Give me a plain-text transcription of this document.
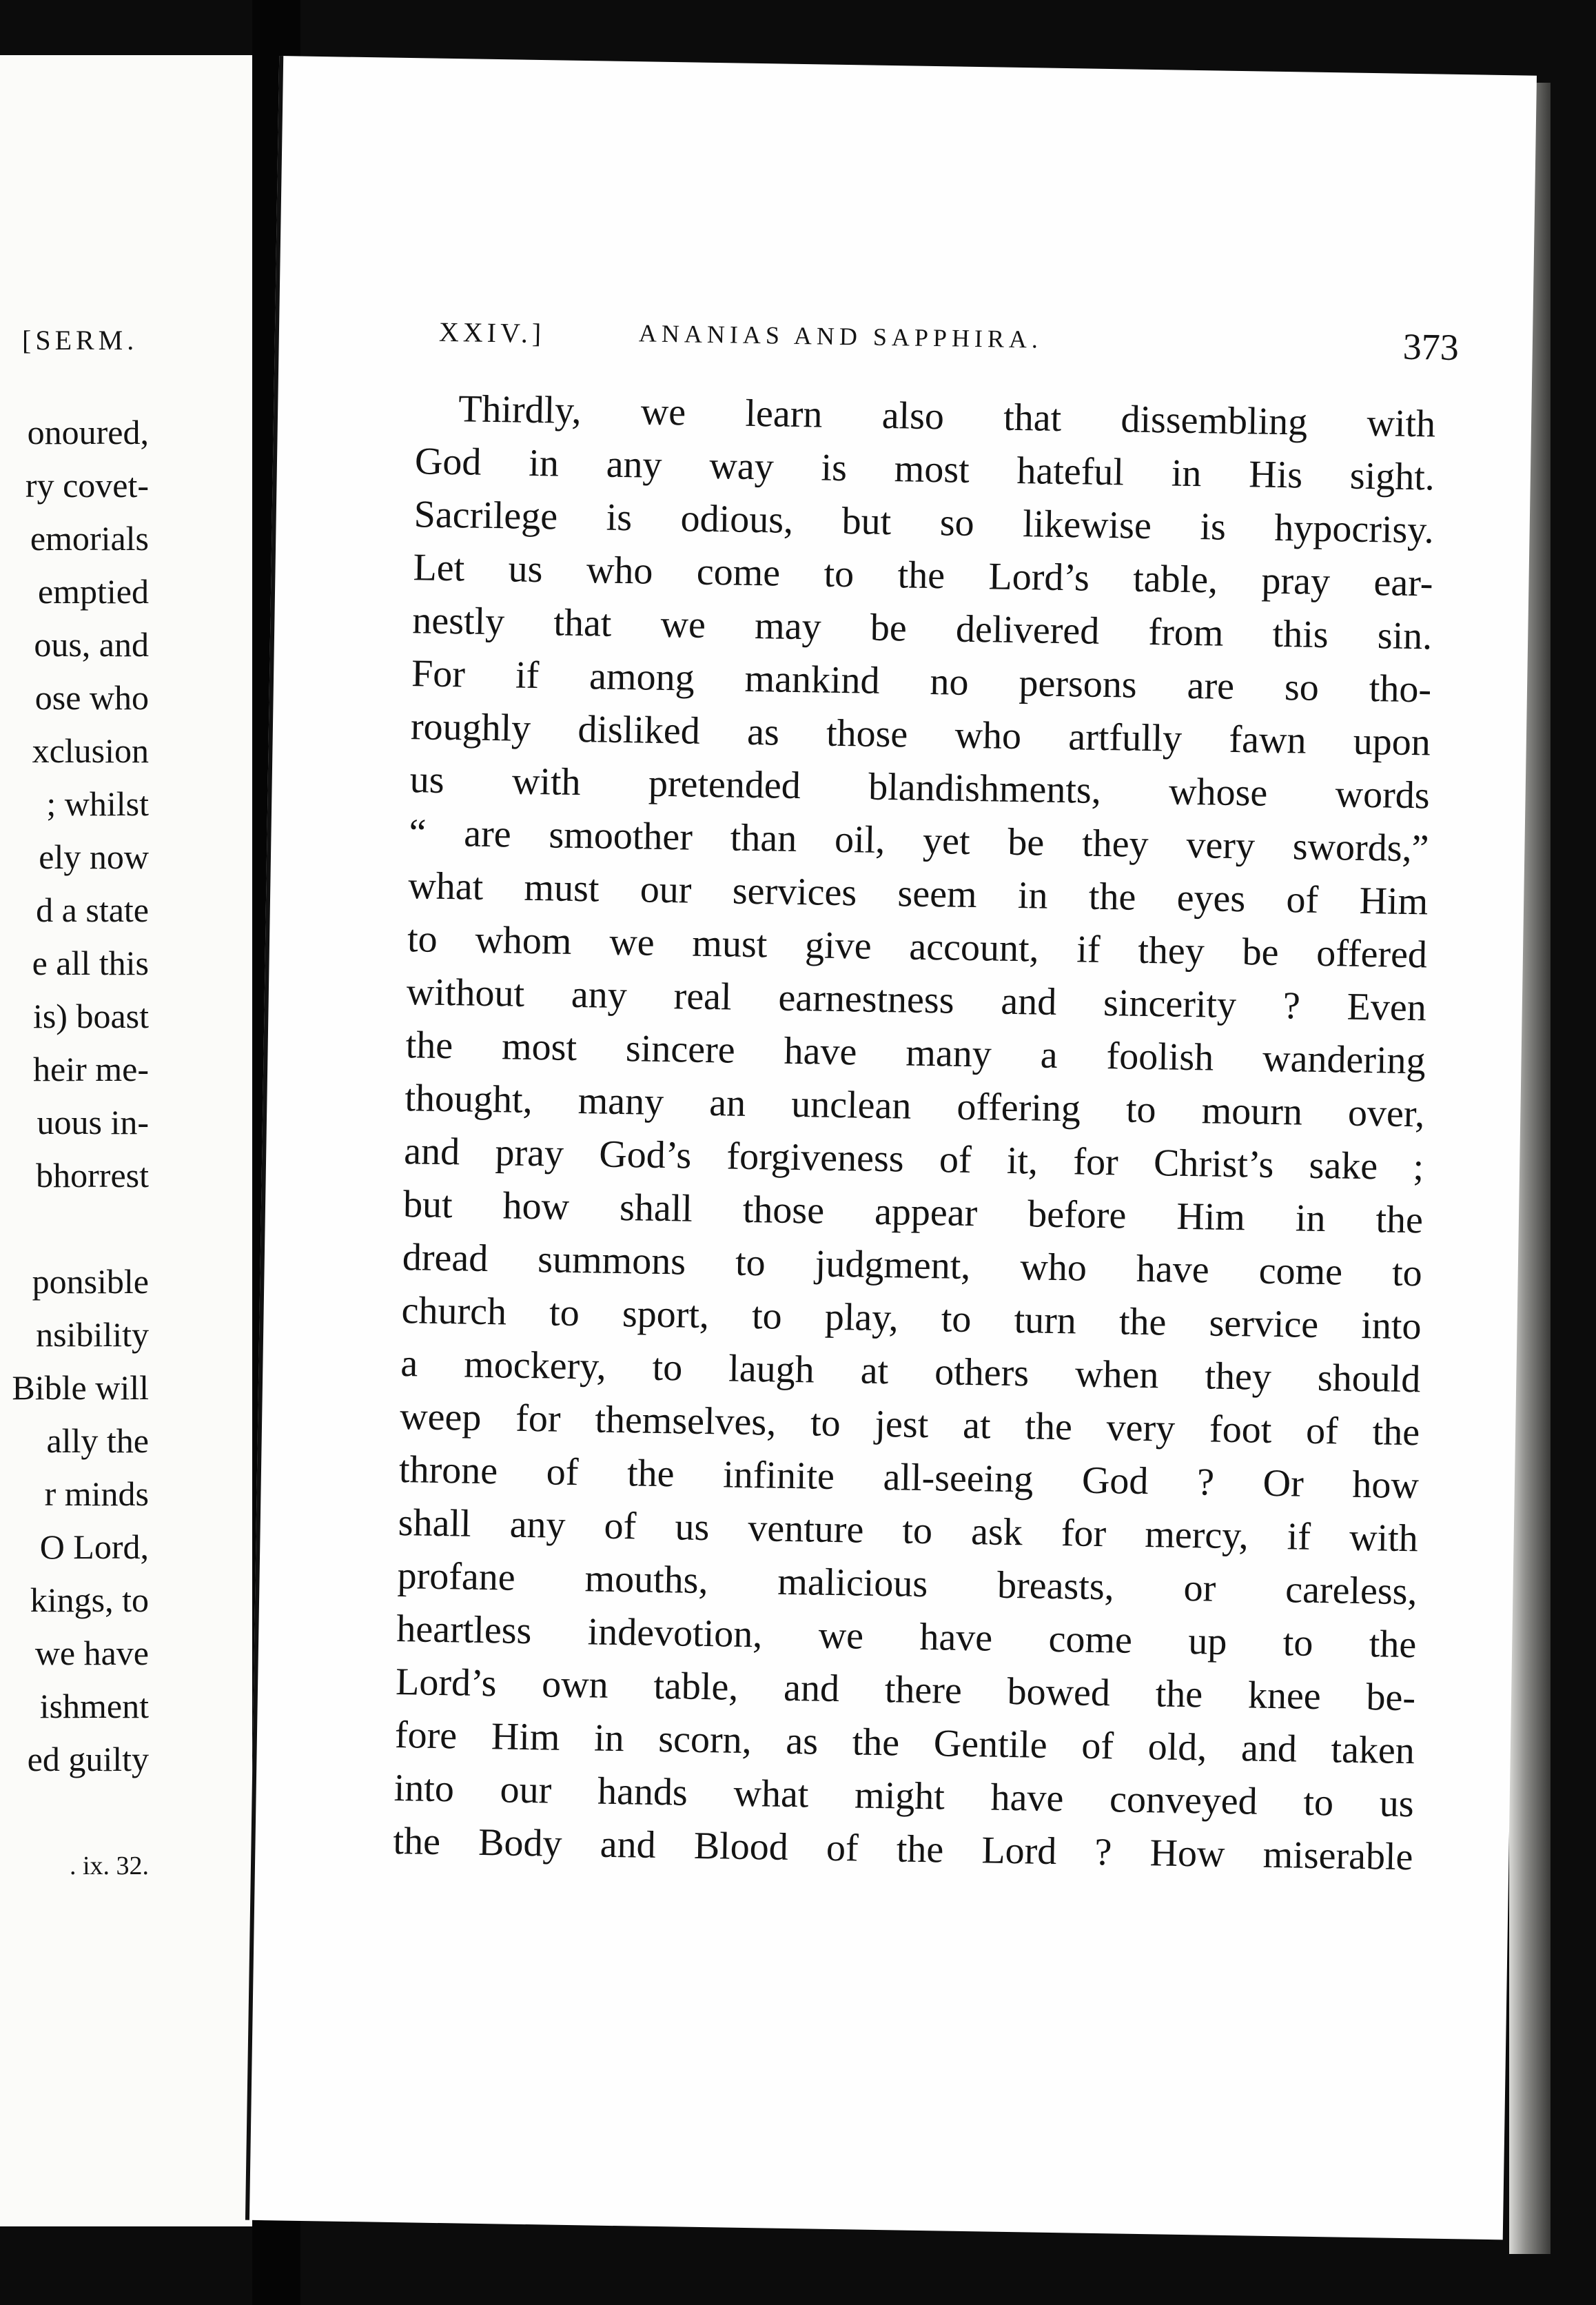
[SERM.
onoured,
ry covet-
emorials
emptied
ous, and
ose who
xclusion
; whilst
ely now
d a state
e all this
is) boast
heir me-
uous in-
bhorrest
ponsible
nsibility
Bible will
ally the
r minds
O Lord,
kings, to
we have
ishment
ed guilty
. ix. 32.
XXIV.]	ANANIAS AND SAPPHIRA.	373
Thirdly, we learn also that dissembling with
God in any way is most hateful in His sight.
Sacrilege is odious, but so likewise is hypocrisy.
Let us who come to the Lord’s table, pray ear-
nestly that we may be delivered from this sin.
For if among mankind no persons are so tho-
roughly disliked as those who artfully fawn upon
us with pretended blandishments, whose words
“ are smoother than oil, yet be they very swords,”
what must our services seem in the eyes of Him
to whom we must give account, if they be offered
without any real earnestness and sincerity ? Even
the most sincere have many a foolish wandering
thought, many an unclean offering to mourn over,
and pray God’s forgiveness of it, for Christ’s sake ;
but how shall those appear before Him in the
dread summons to judgment, who have come to
church to sport, to play, to turn the service into
a mockery, to laugh at others when they should
weep for themselves, to jest at the very foot of the
throne of the infinite all-seeing God ? Or how
shall any of us venture to ask for mercy, if with
profane mouths, malicious breasts, or careless,
heartless indevotion, we have come up to the
Lord’s own table, and there bowed the knee be-
fore Him in scorn, as the Gentile of old, and taken
into our hands what might have conveyed to us
the Body and Blood of the Lord ? How miserable
